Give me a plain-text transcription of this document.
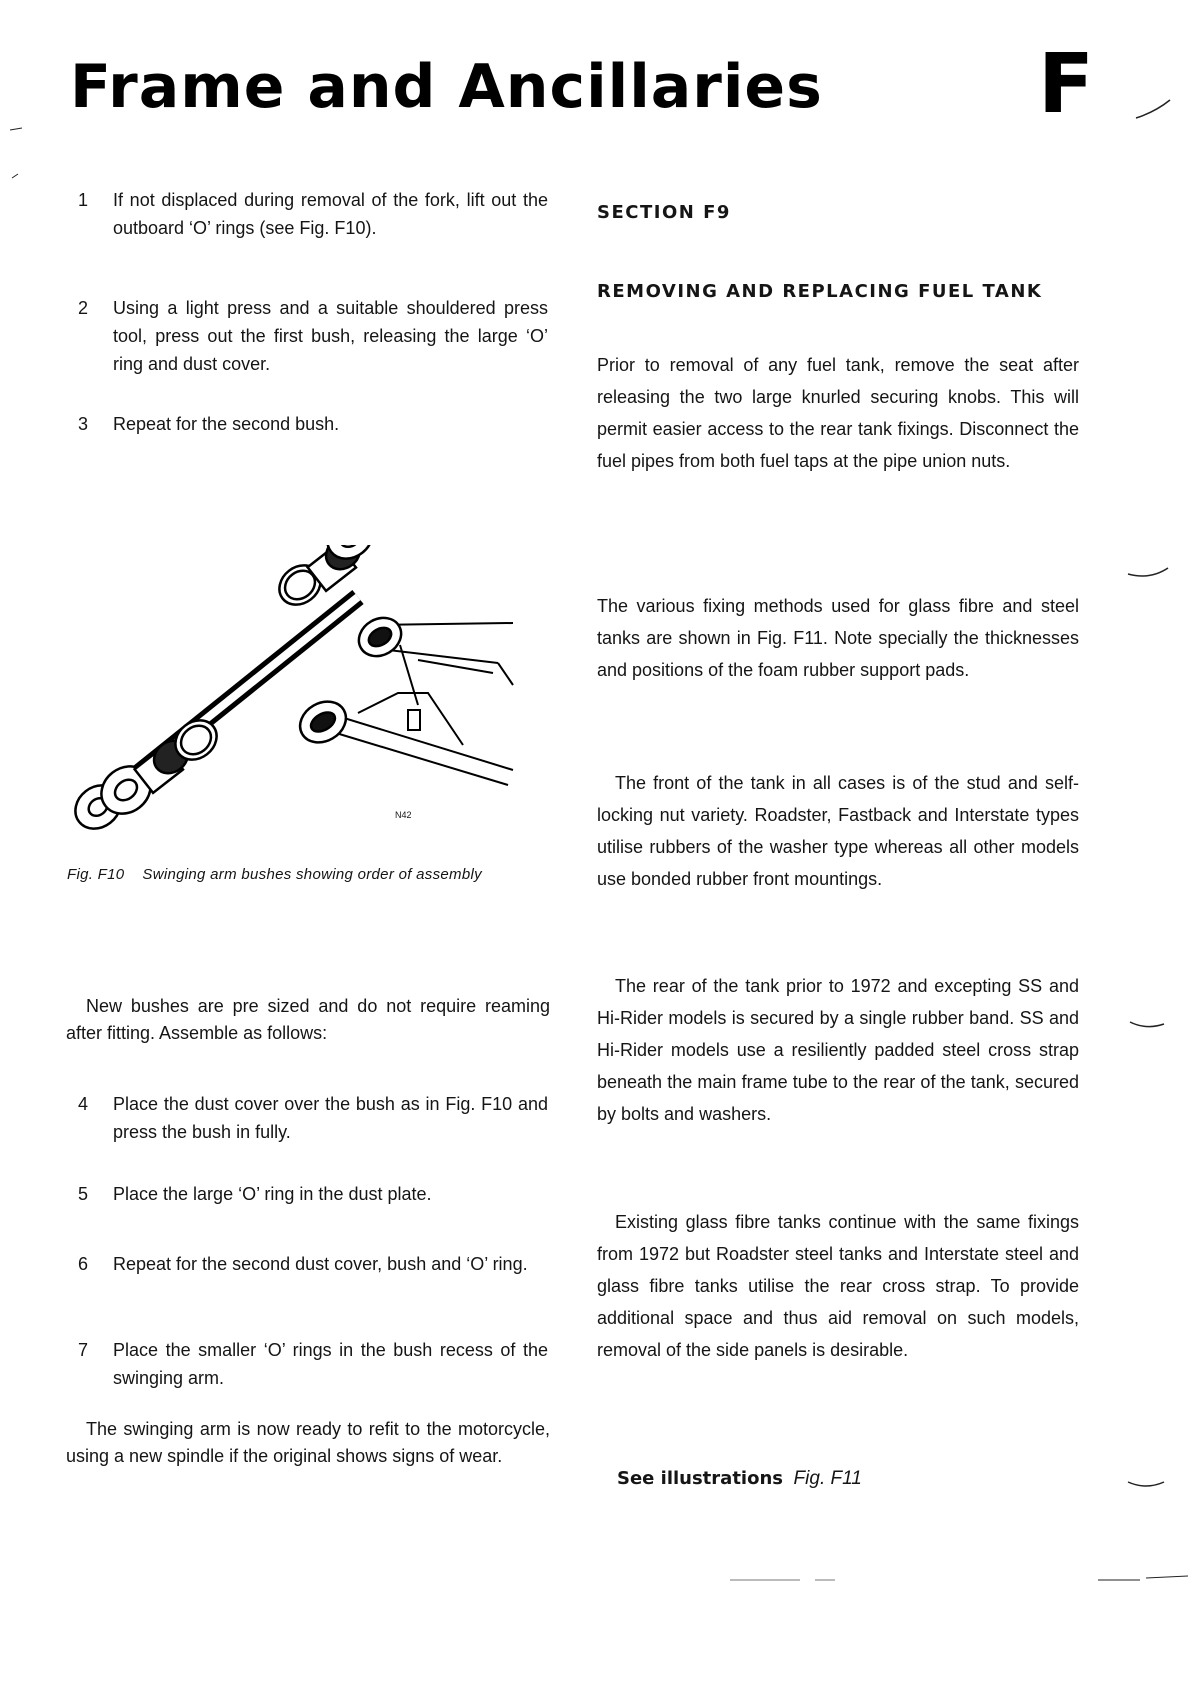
Frame and Ancillaries	F
1 If not displaced during removal of the fork, lift out the outboard ‘O’ rings (see Fig. F10).
2 Using a light press and a suitable shouldered press tool, press out the first bush, releasing the large ‘O’ ring and dust cover.
3 Repeat for the second bush.
N42
Fig. F10 Swinging arm bushes showing order of assembly
New bushes are pre sized and do not require reaming after fitting. Assemble as follows:
4 Place the dust cover over the bush as in Fig. F10 and press the bush in fully.
5 Place the large ‘O’ ring in the dust plate.
6 Repeat for the second dust cover, bush and ‘O’ ring.
7 Place the smaller ‘O’ rings in the bush recess of the swinging arm.
The swinging arm is now ready to refit to the motorcycle, using a new spindle if the original shows signs of wear.
SECTION F9
REMOVING AND REPLACING FUEL TANK
Prior to removal of any fuel tank, remove the seat after releasing the two large knurled securing knobs. This will permit easier access to the rear tank fixings. Disconnect the fuel pipes from both fuel taps at the pipe union nuts.
The various fixing methods used for glass fibre and steel tanks are shown in Fig. F11. Note specially the thicknesses and positions of the foam rubber support pads.
The front of the tank in all cases is of the stud and self-locking nut variety. Roadster, Fastback and Interstate types utilise rubbers of the washer type whereas all other models use bonded rubber front mountings.
The rear of the tank prior to 1972 and excepting SS and Hi-Rider models is secured by a single rubber band. SS and Hi-Rider models use a resiliently padded steel cross strap beneath the main frame tube to the rear of the tank, secured by bolts and washers.
Existing glass fibre tanks continue with the same fixings from 1972 but Roadster steel tanks and Interstate steel and glass fibre tanks utilise the rear cross strap. To provide additional space and thus aid removal on such models, removal of the side panels is desirable.
See illustrations Fig. F11
